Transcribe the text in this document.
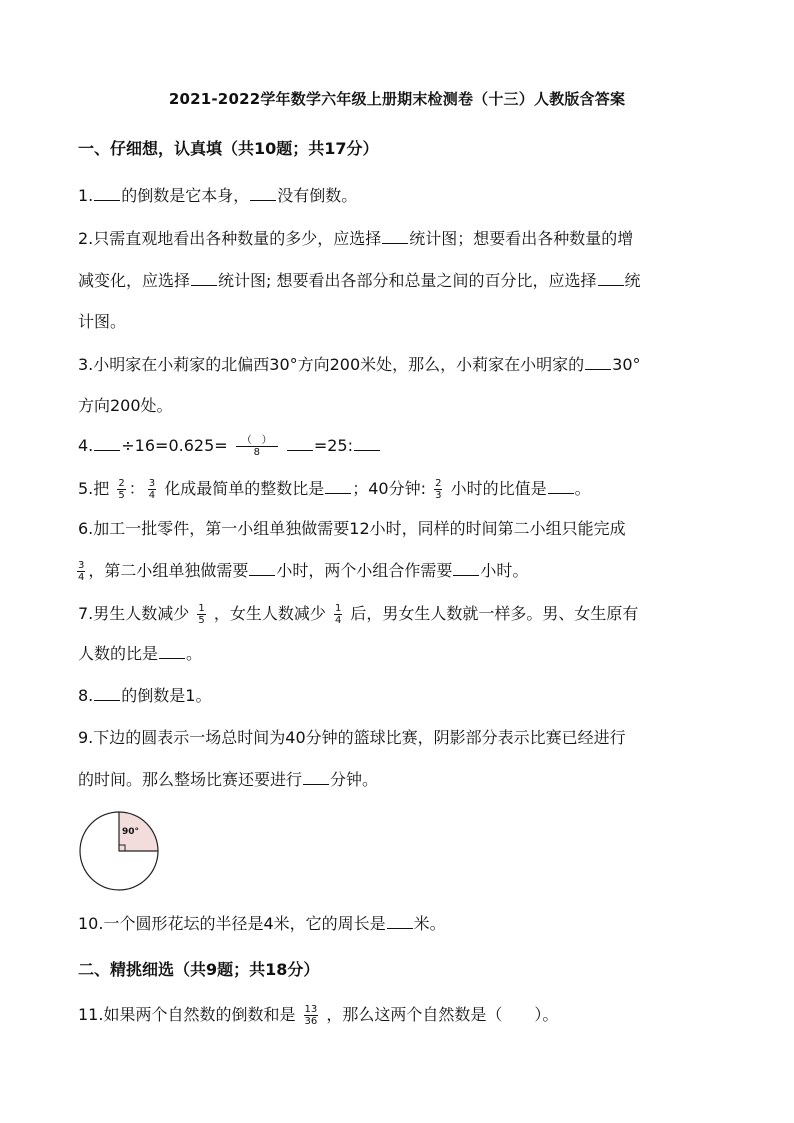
2021-2022学年数学六年级上册期末检测卷（十三）人教版含答案
一、仔细想，认真填（共10题；共17分）
1. 的倒数是它本身， 没有倒数。
2.只需直观地看出各种数量的多少，应选择 统计图；想要看出各种数量的增
减变化，应选择 统计图; 想要看出各部分和总量之间的百分比，应选择 统
计图。
3.小明家在小莉家的北偏西30°方向200米处，那么，小莉家在小明家的 30°
方向200处。
4. $\div 16=0.625= \frac{( )}{8} =25$:
5.把 $\frac{2}{5}$ ： $\frac{3}{4}$ 化成最简单的整数比是 ；40分钟: $\frac{2}{3}$ 小时的比值是 。
6.加工一批零件，第一小组单独做需要12小时，同样的时间第二小组只能完成
$\frac{3}{4}$ ，第二小组单独做需要 小时，两个小组合作需要 小时。
7.男生人数减少 $\frac{1}{5}$ ，女生人数减少 $\frac{1}{4}$ 后，男女生人数就一样多。男、女生原有
人数的比是 。
8. 的倒数是1。
9.下边的圆表示一场总时间为40分钟的篮球比赛，阴影部分表示比赛已经进行
的时间。那么整场比赛还要进行 分钟。
90°
10.一个圆形花坛的半径是4米，它的周长是 米。
二、精挑细选（共9题；共18分）
11.如果两个自然数的倒数和是 $\frac{13}{36}$ ，那么这两个自然数是（　　）。
